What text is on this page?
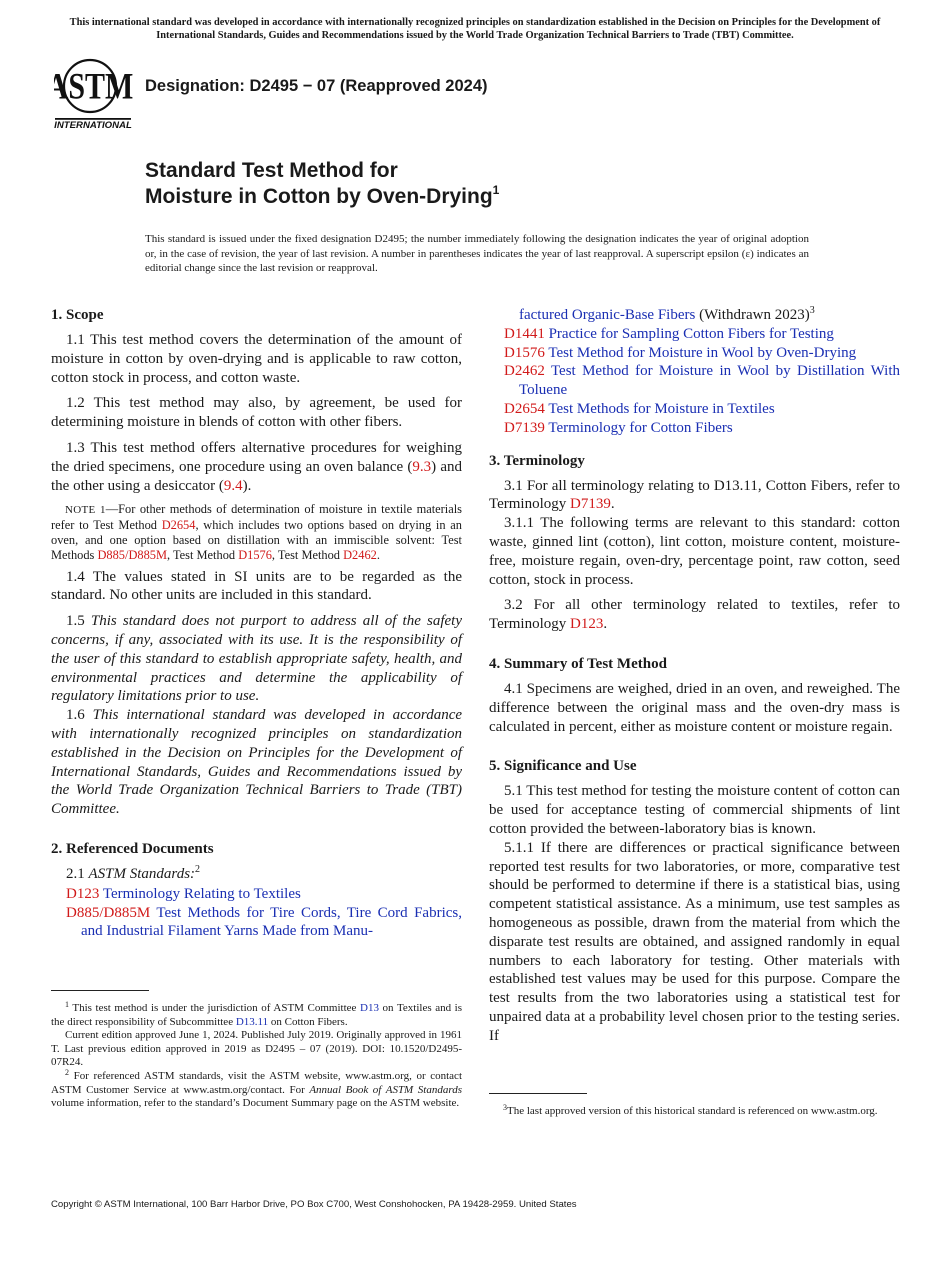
This international standard was developed in accordance with internationally recognized principles on standardization established in the Decision on Principles for the Development of International Standards, Guides and Recommendations issued by the World Trade Organization Technical Barriers to Trade (TBT) Committee.
ASTM
INTERNATIONAL
Designation: D2495 − 07 (Reapproved 2024)
Standard Test Method for
Moisture in Cotton by Oven-Drying$^1$
This standard is issued under the fixed designation D2495; the number immediately following the designation indicates the year of original adoption or, in the case of revision, the year of last revision. A number in parentheses indicates the year of last reapproval. A superscript epsilon (ε) indicates an editorial change since the last revision or reapproval.
1. Scope

1.1 This test method covers the determination of the amount of moisture in cotton by oven-drying and is applicable to raw cotton, cotton stock in process, and cotton waste.

1.2 This test method may also, by agreement, be used for determining moisture in blends of cotton with other fibers.

1.3 This test method offers alternative procedures for weighing the dried specimens, one procedure using an oven balance (9.3) and the other using a desiccator (9.4).

NOTE 1—For other methods of determination of moisture in textile materials refer to Test Method D2654, which includes two options based on drying in an oven, and one option based on distillation with an immiscible solvent: Test Methods D885/D885M, Test Method D1576, Test Method D2462.

1.4 The values stated in SI units are to be regarded as the standard. No other units are included in this standard.

1.5 This standard does not purport to address all of the safety concerns, if any, associated with its use. It is the responsibility of the user of this standard to establish appropriate safety, health, and environmental practices and determine the applicability of regulatory limitations prior to use.

1.6 This international standard was developed in accordance with internationally recognized principles on standardization established in the Decision on Principles for the Development of International Standards, Guides and Recommendations issued by the World Trade Organization Technical Barriers to Trade (TBT) Committee.

2. Referenced Documents

2.1 ASTM Standards:$^2$

D123 Terminology Relating to Textiles

D885/D885M Test Methods for Tire Cords, Tire Cord Fabrics, and Industrial Filament Yarns Made from Manu-

factured Organic-Base Fibers (Withdrawn 2023)$^3$

D1441 Practice for Sampling Cotton Fibers for Testing

D1576 Test Method for Moisture in Wool by Oven-Drying

D2462 Test Method for Moisture in Wool by Distillation With Toluene

D2654 Test Methods for Moisture in Textiles

D7139 Terminology for Cotton Fibers

3. Terminology

3.1 For all terminology relating to D13.11, Cotton Fibers, refer to Terminology D7139.

3.1.1 The following terms are relevant to this standard: cotton waste, ginned lint (cotton), lint cotton, moisture content, moisture-free, moisture regain, oven-dry, percentage point, raw cotton, seed cotton, stock in process.

3.2 For all other terminology related to textiles, refer to Terminology D123.

4. Summary of Test Method

4.1 Specimens are weighed, dried in an oven, and reweighed. The difference between the original mass and the oven-dry mass is calculated in percent, either as moisture content or moisture regain.

5. Significance and Use

5.1 This test method for testing the moisture content of cotton can be used for acceptance testing of commercial shipments of lint cotton provided the between-laboratory bias is known.

5.1.1 If there are differences or practical significance between reported test results for two laboratories, or more, comparative test should be performed to determine if there is a statistical bias, using competent statistical assistance. As a minimum, use test samples as homogeneous as possible, drawn from the material from which the disparate test results are obtained, and assigned randomly in equal numbers to each laboratory for testing. Other materials with established test values may be used for this purpose. Compare the test results from the two laboratories using a statistical test for unpaired data at a probability level chosen prior to the testing series. If

$^1$ This test method is under the jurisdiction of ASTM Committee D13 on Textiles and is the direct responsibility of Subcommittee D13.11 on Cotton Fibers.

Current edition approved June 1, 2024. Published July 2019. Originally approved in 1961 T. Last previous edition approved in 2019 as D2495 – 07 (2019). DOI: 10.1520/D2495-07R24.

$^2$ For referenced ASTM standards, visit the ASTM website, www.astm.org, or contact ASTM Customer Service at www.astm.org/contact. For Annual Book of ASTM Standards volume information, refer to the standard’s Document Summary page on the ASTM website.	$^3$The last approved version of this historical standard is referenced on www.astm.org.

Copyright © ASTM International, 100 Barr Harbor Drive, PO Box C700, West Conshohocken, PA 19428-2959. United States
